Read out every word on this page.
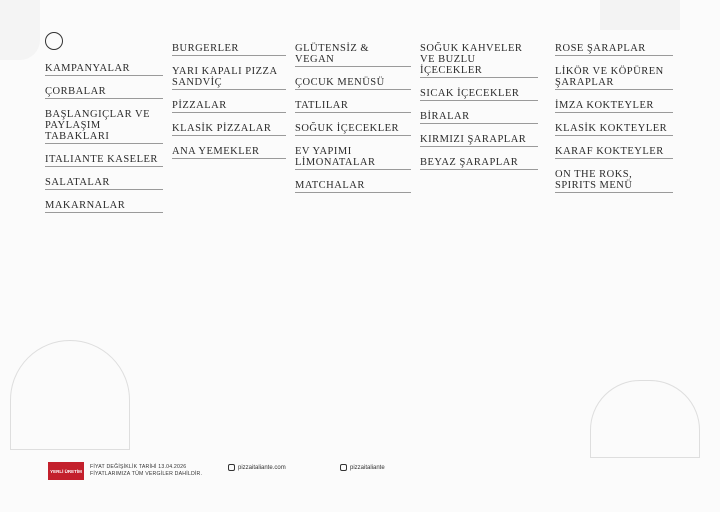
KAMPANYALAR
ÇORBALAR
BAŞLANGIÇLAR VE PAYLAŞIM TABAKLARI
ITALIANTE KASELER
SALATALAR
MAKARNALAR
BURGERLER
YARI KAPALI PIZZA SANDVİÇ
PİZZALAR
KLASİK PİZZALAR
ANA YEMEKLER
GLÜTENSİZ & VEGAN
ÇOCUK MENÜSÜ
TATLILAR
SOĞUK İÇECEKLER
EV YAPIMI LİMONATALAR
MATCHALAR
SOĞUK KAHVELER VE BUZLU İÇECEKLER
SICAK İÇECEKLER
BİRALAR
KIRMIZI ŞARAPLAR
BEYAZ ŞARAPLAR
ROSE ŞARAPLAR
LİKÖR VE KÖPÜREN ŞARAPLAR
İMZA KOKTEYLER
KLASİK KOKTEYLER
KARAF KOKTEYLER
ON THE ROKS, SPIRITS MENÜ
YERLİ ÜRETİM
FİYAT DEĞİŞİKLİK TARİHİ 13.04.2026
FİYATLARIMIZA TÜM VERGİLER DAHİLDİR.
pizzaitaliante.com	pizzaitaliante
